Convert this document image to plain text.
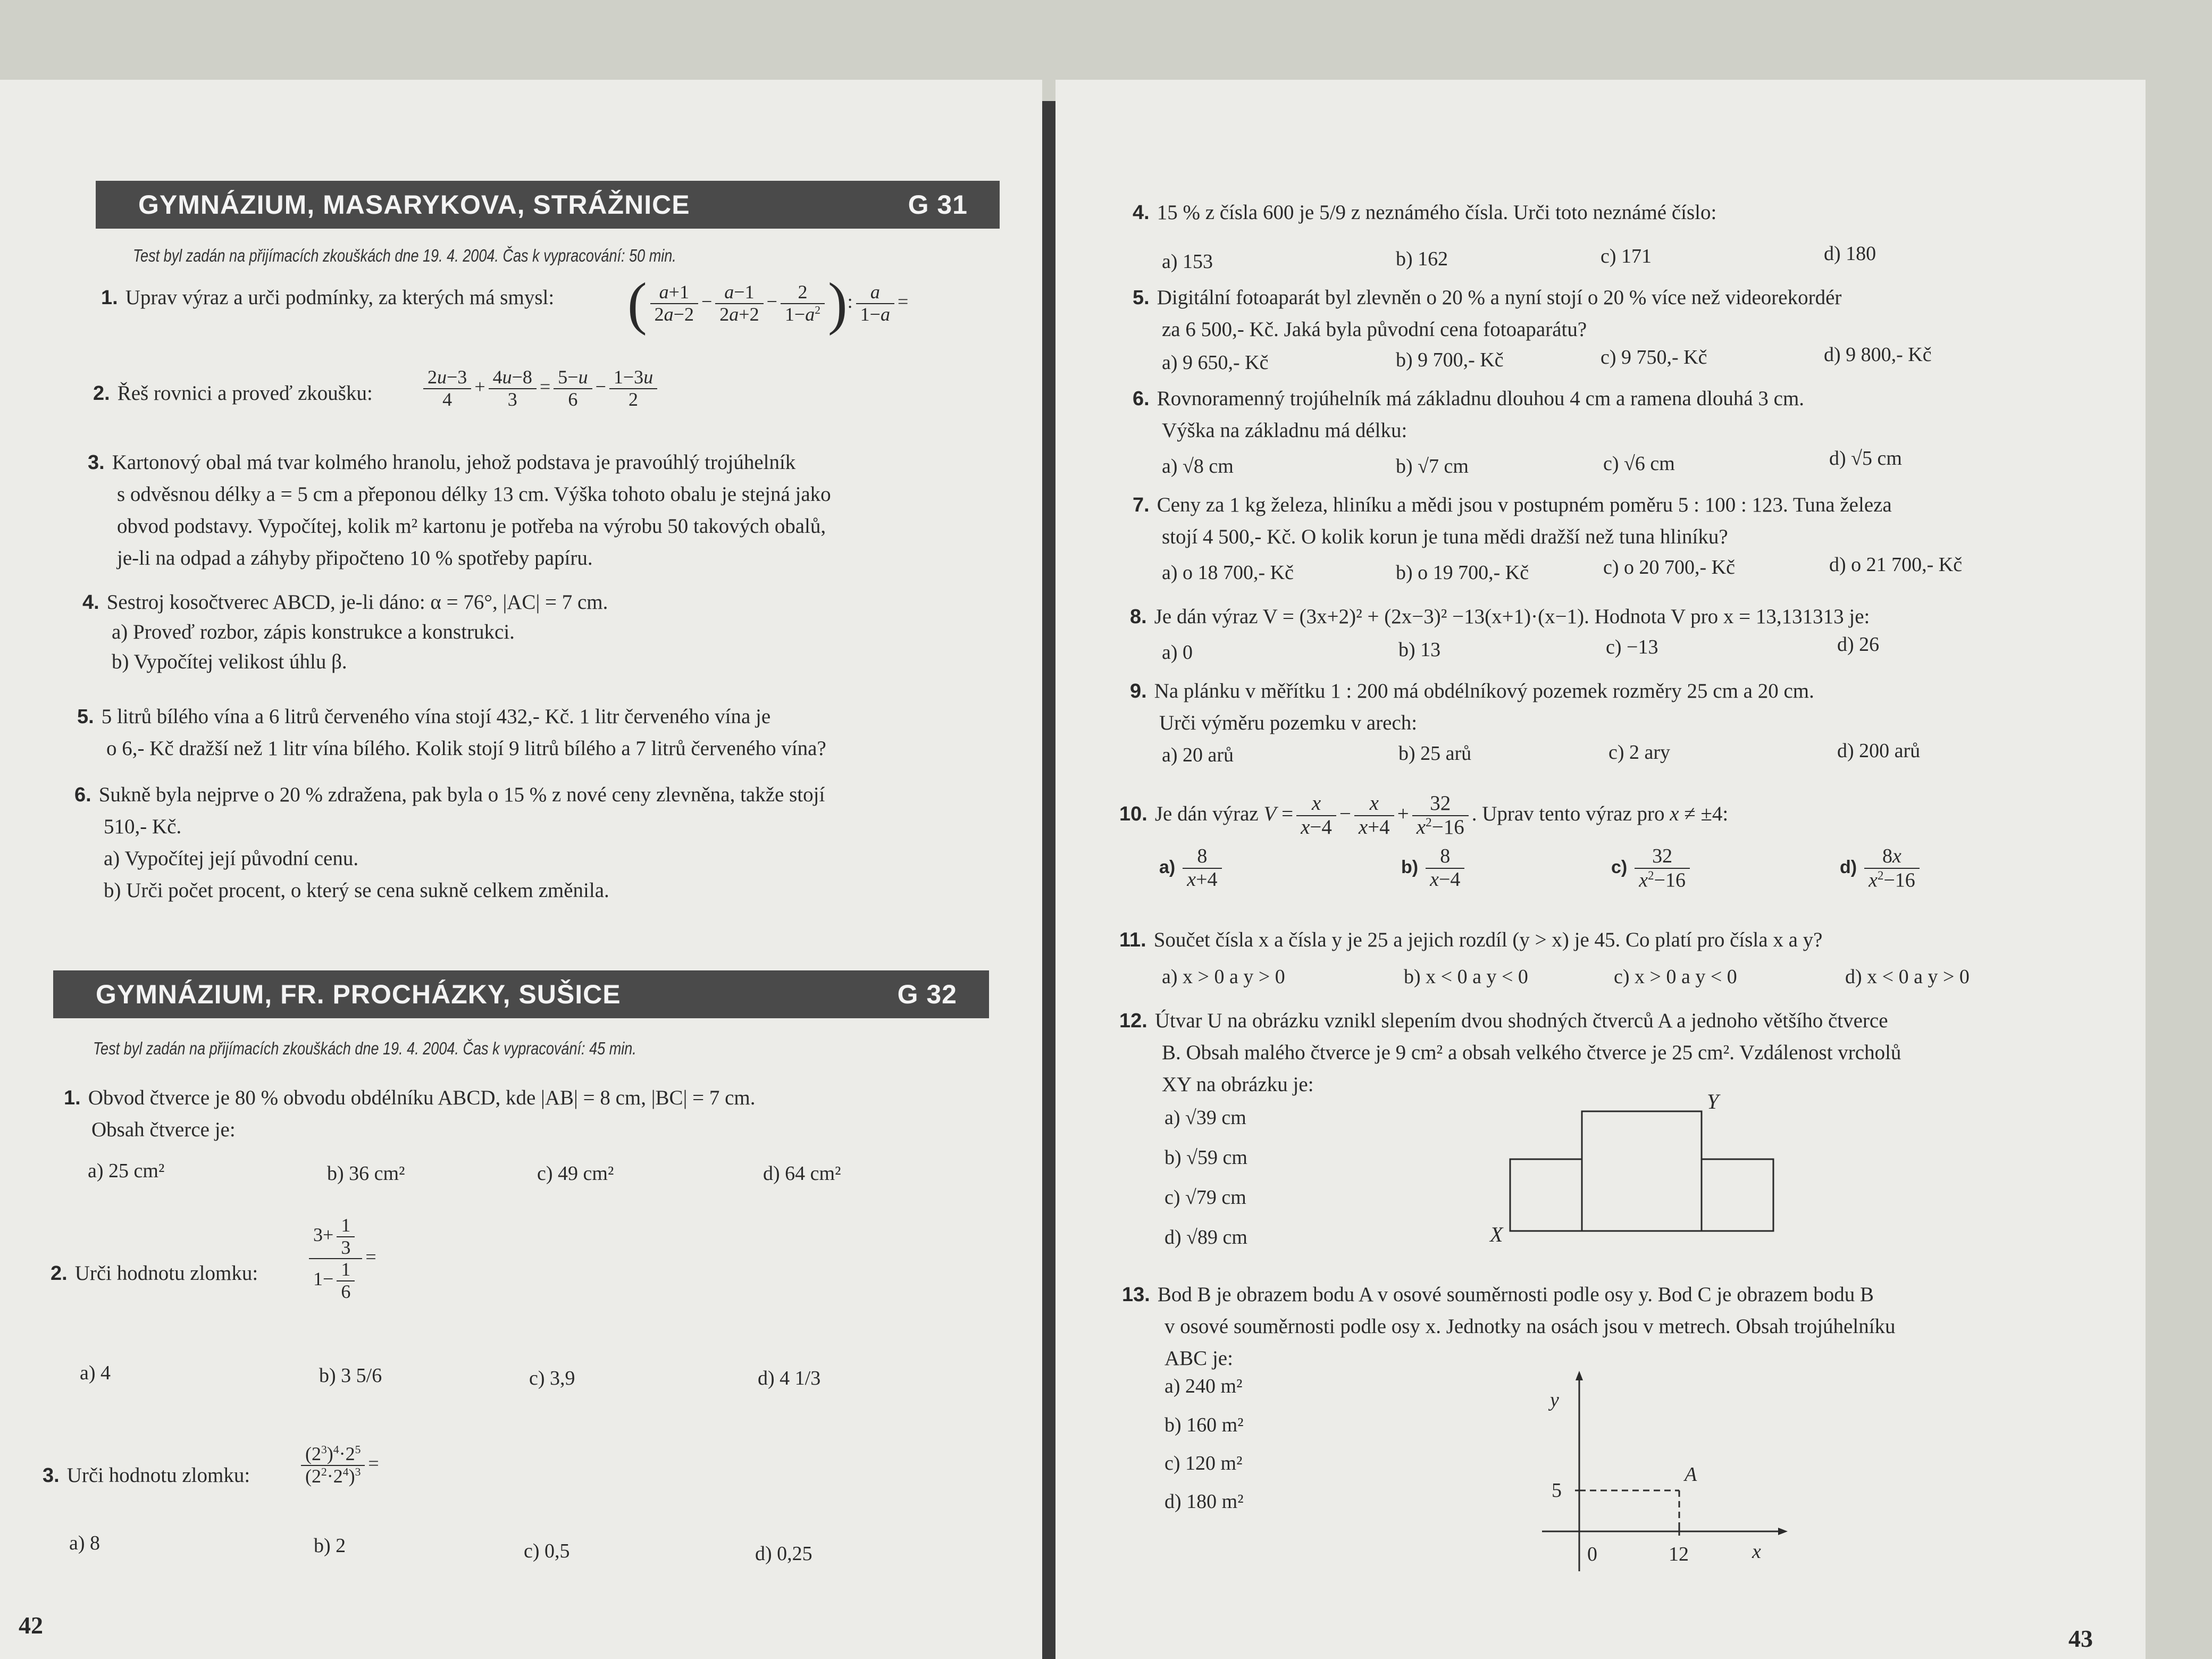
GYMNÁZIUM, MASARYKOVA, STRÁŽNICE	G 31
Test byl zadán na přijímacích zkouškách dne 19. 4. 2004. Čas k vypracování: 50 min.
1. Uprav výraz a urči podmínky, za kterých má smysl: ( $\frac{a+1}{2a-2} - \frac{a-1}{2a+2} - \frac{2}{1-a^2}$ ): $\frac{a}{1-a}$ =
2. Řeš rovnici a proveď zkoušku:	$\frac{2u-3}{4} + \frac{4u-8}{3} = \frac{5-u}{6} - \frac{1-3u}{2}$
3. Kartonový obal má tvar kolmého hranolu, jehož podstava je pravoúhlý trojúhelník
s odvěsnou délky a = 5 cm a přeponou délky 13 cm. Výška tohoto obalu je stejná jako
obvod podstavy. Vypočítej, kolik m² kartonu je potřeba na výrobu 50 takových obalů,
je-li na odpad a záhyby připočteno 10 % spotřeby papíru.
4. Sestroj kosočtverec ABCD, je-li dáno: α = 76°, |AC| = 7 cm.
a) Proveď rozbor, zápis konstrukce a konstrukci.
b) Vypočítej velikost úhlu β.
5. 5 litrů bílého vína a 6 litrů červeného vína stojí 432,- Kč. 1 litr červeného vína je
o 6,- Kč dražší než 1 litr vína bílého. Kolik stojí 9 litrů bílého a 7 litrů červeného vína?
6. Sukně byla nejprve o 20 % zdražena, pak byla o 15 % z nové ceny zlevněna, takže stojí
510,- Kč.
a) Vypočítej její původní cenu.
b) Urči počet procent, o který se cena sukně celkem změnila.
GYMNÁZIUM, FR. PROCHÁZKY, SUŠICE	G 32
Test byl zadán na přijímacích zkouškách dne 19. 4. 2004. Čas k vypracování: 45 min.
1. Obvod čtverce je 80 % obvodu obdélníku ABCD, kde |AB| = 8 cm, |BC| = 7 cm.
Obsah čtverce je:
a) 25 cm²	b) 36 cm²	c) 49 cm²	d) 64 cm²
2. Urči hodnotu zlomku:	$\frac{3+ \frac{1}{3}}{1- \frac{1}{6}}$ =
a) 4	b) 3 5/6	c) 3,9	d) 4 1/3
3. Urči hodnotu zlomku:	$\frac{(2^3)^4\cdot 2^5}{(2^2\cdot 2^4)^3}$ =
a) 8	b) 2	c) 0,5	d) 0,25
42
4. 15 % z čísla 600 je 5/9 z neznámého čísla. Urči toto neznámé číslo:
a) 153	b) 162	c) 171	d) 180
5. Digitální fotoaparát byl zlevněn o 20 % a nyní stojí o 20 % více než videorekordér
za 6 500,- Kč. Jaká byla původní cena fotoaparátu?
a) 9 650,- Kč	b) 9 700,- Kč	c) 9 750,- Kč	d) 9 800,- Kč
6. Rovnoramenný trojúhelník má základnu dlouhou 4 cm a ramena dlouhá 3 cm.
Výška na základnu má délku:
a) √8 cm	b) √7 cm	c) √6 cm	d) √5 cm
7. Ceny za 1 kg železa, hliníku a mědi jsou v postupném poměru 5 : 100 : 123. Tuna železa
stojí 4 500,- Kč. O kolik korun je tuna mědi dražší než tuna hliníku?
a) o 18 700,- Kč	b) o 19 700,- Kč	c) o 20 700,- Kč	d) o 21 700,- Kč
8. Je dán výraz V = (3x+2)² + (2x−3)² −13(x+1)·(x−1). Hodnota V pro x = 13,131313 je:
a) 0	b) 13	c) −13	d) 26
9. Na plánku v měřítku 1 : 200 má obdélníkový pozemek rozměry 25 cm a 20 cm.
Urči výměru pozemku v arech:
a) 20 arů	b) 25 arů	c) 2 ary	d) 200 arů
10. Je dán výraz $V = \frac{x}{x-4} - \frac{x}{x+4} + \frac{32}{x^2-16}$ . Uprav tento výraz pro x ≠ ±4:
$a) \frac{8}{x+4}$	$b) \frac{8}{x-4}$	$c) \frac{32}{x^2-16}$	$d) \frac{8x}{x^2-16}$
11. Součet čísla x a čísla y je 25 a jejich rozdíl (y > x) je 45. Co platí pro čísla x a y?
a) x > 0 a y > 0	b) x < 0 a y < 0	c) x > 0 a y < 0	d) x < 0 a y > 0
12. Útvar U na obrázku vznikl slepením dvou shodných čtverců A a jednoho většího čtverce
B. Obsah malého čtverce je 9 cm² a obsah velkého čtverce je 25 cm². Vzdálenost vrcholů
XY na obrázku je:
a) √39 cm
b) √59 cm
c) √79 cm
d) √89 cm	X
Y
13. Bod B je obrazem bodu A v osové souměrnosti podle osy y. Bod C je obrazem bodu B
v osové souměrnosti podle osy x. Jednotky na osách jsou v metrech. Obsah trojúhelníku
ABC je:
a) 240 m²
b) 160 m²
c) 120 m²
d) 180 m²
y
x
A
5
0	12
43
